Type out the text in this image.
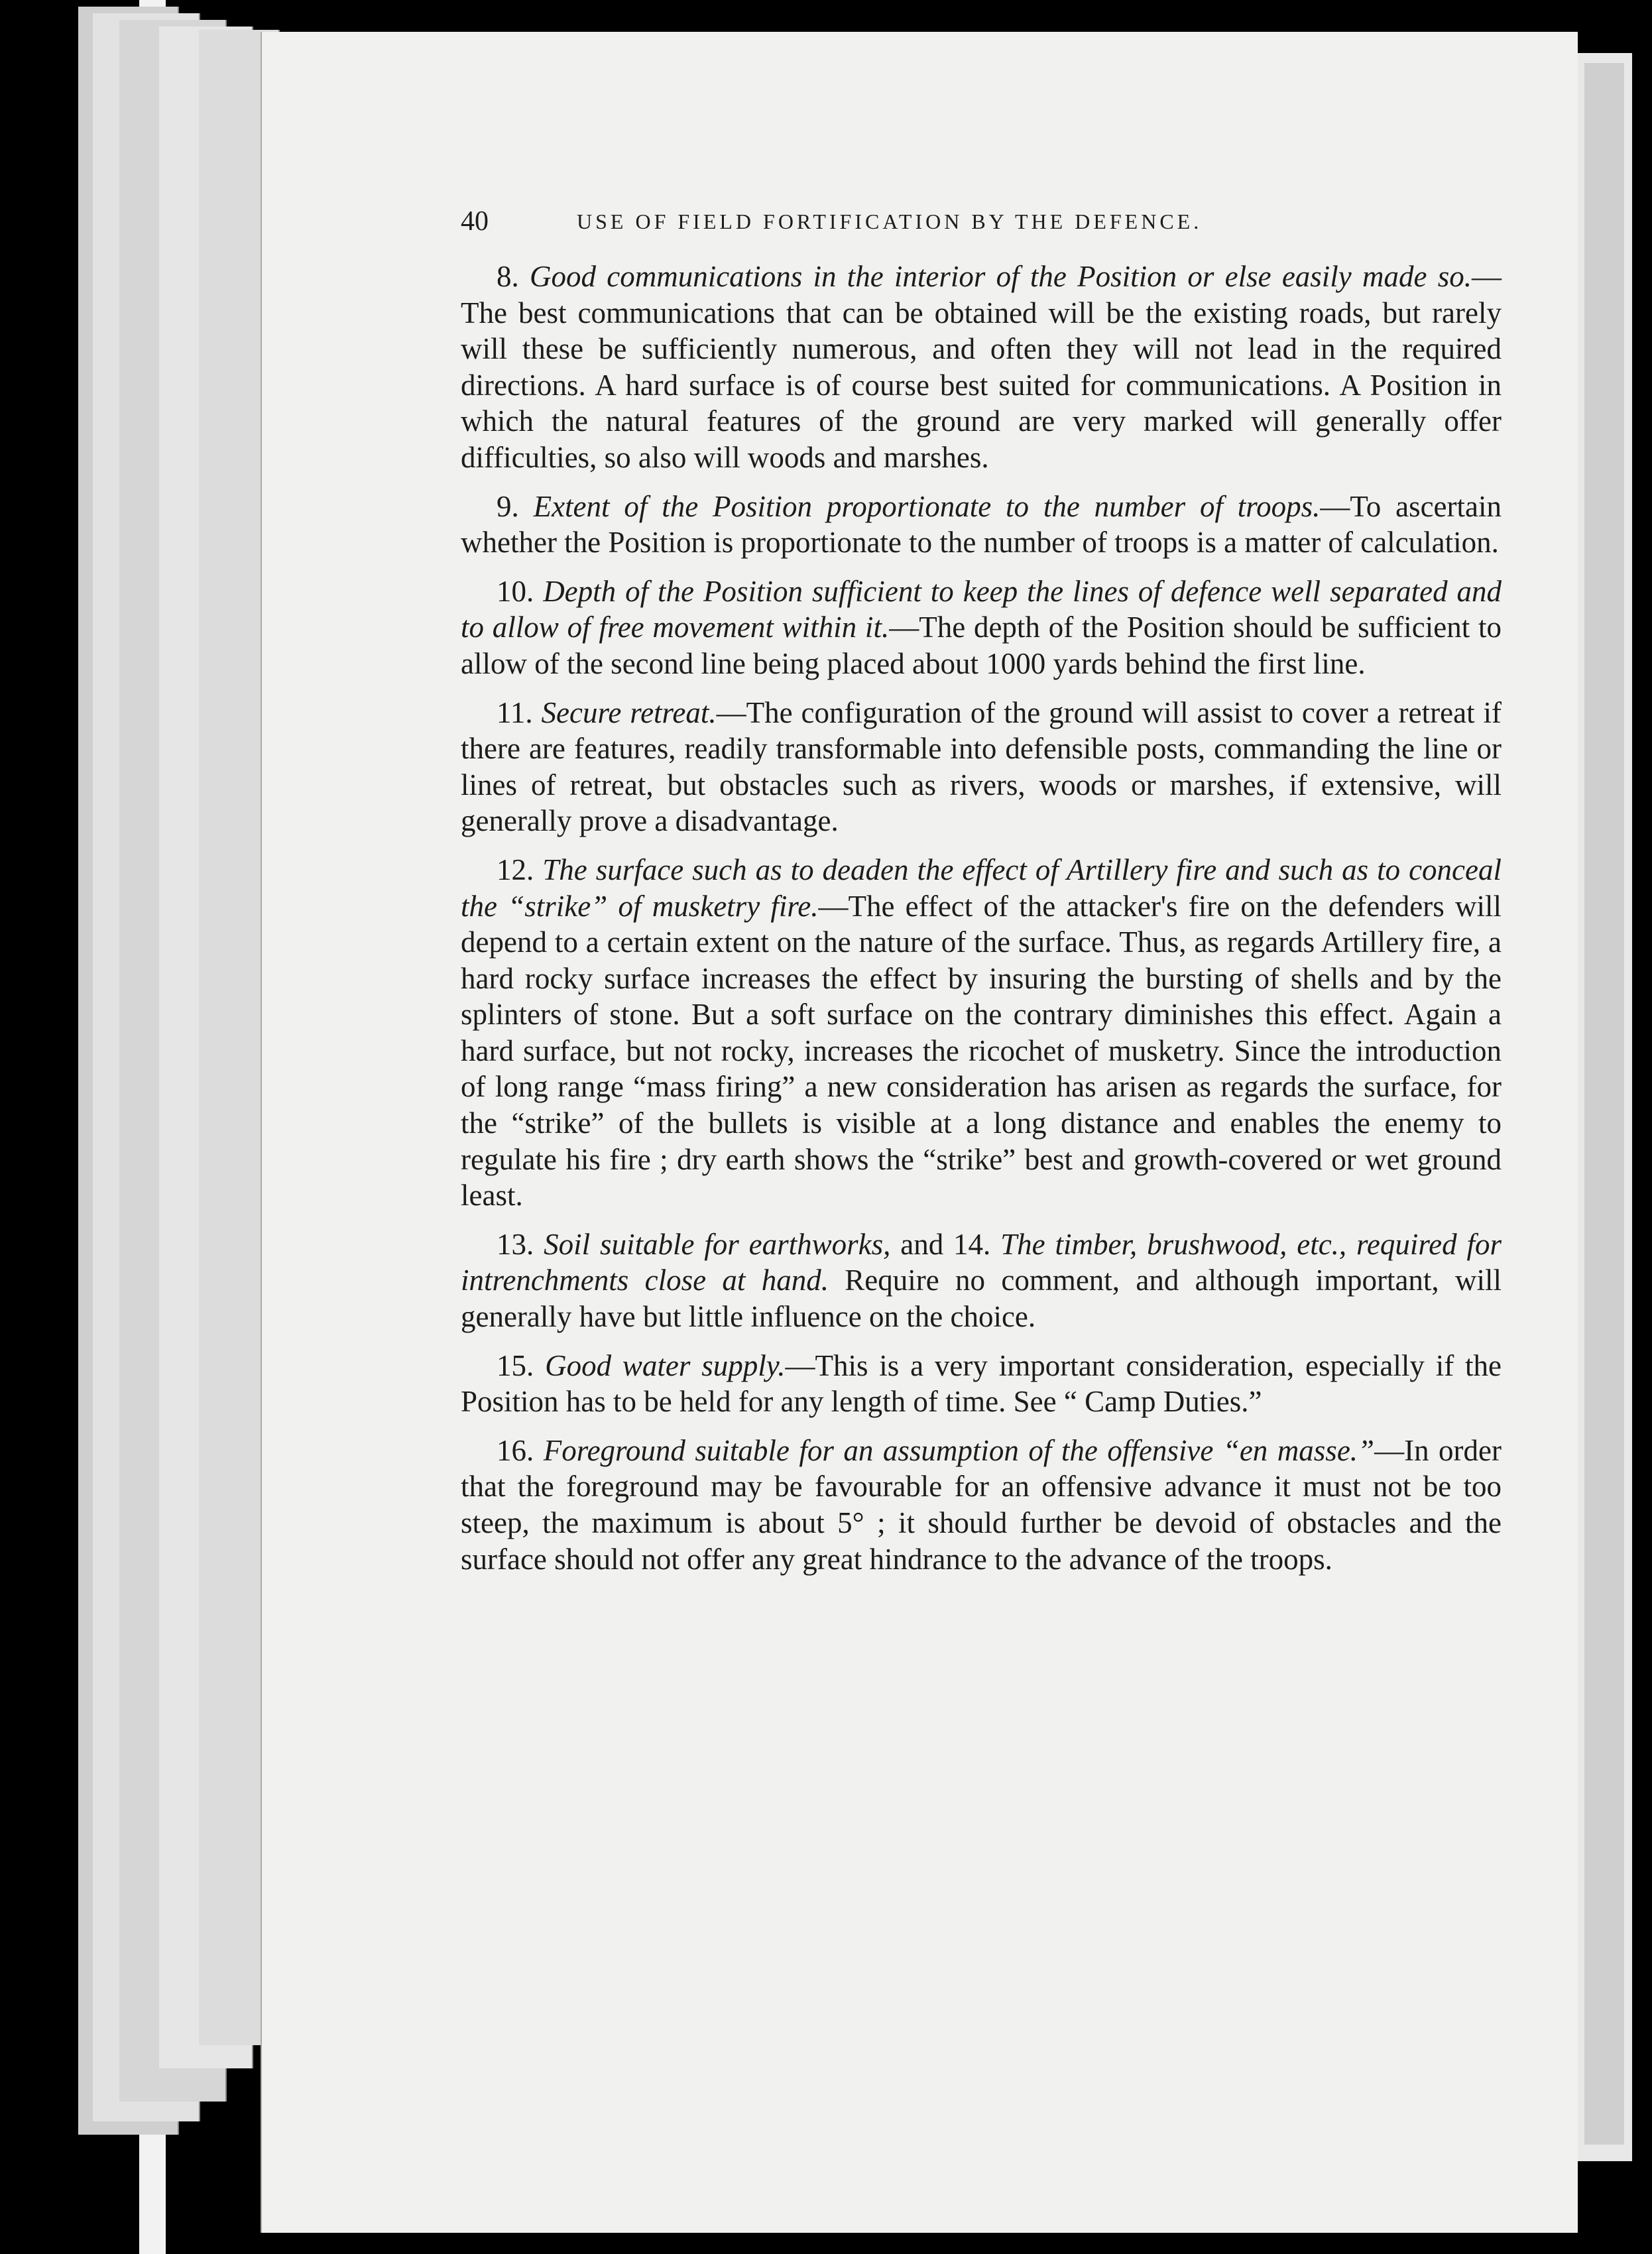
40	USE OF FIELD FORTIFICATION BY THE DEFENCE.

8. Good communications in the interior of the Position or else easily made so.—The best communications that can be obtained will be the existing roads, but rarely will these be sufficiently numerous, and often they will not lead in the required directions. A hard surface is of course best suited for communications. A Position in which the natural features of the ground are very marked will generally offer difficulties, so also will woods and marshes.

9. Extent of the Position proportionate to the number of troops.—To ascertain whether the Position is proportionate to the number of troops is a matter of calculation.

10. Depth of the Position sufficient to keep the lines of defence well separated and to allow of free movement within it.—The depth of the Position should be sufficient to allow of the second line being placed about 1000 yards behind the first line.

11. Secure retreat.—The configuration of the ground will assist to cover a retreat if there are features, readily transformable into defensible posts, commanding the line or lines of retreat, but obstacles such as rivers, woods or marshes, if extensive, will generally prove a disadvantage.

12. The surface such as to deaden the effect of Artillery fire and such as to conceal the “strike” of musketry fire.—The effect of the attacker's fire on the defenders will depend to a certain extent on the nature of the surface. Thus, as regards Artillery fire, a hard rocky surface increases the effect by insuring the bursting of shells and by the splinters of stone. But a soft surface on the contrary diminishes this effect. Again a hard surface, but not rocky, increases the ricochet of musketry. Since the introduction of long range “mass firing” a new consideration has arisen as regards the surface, for the “strike” of the bullets is visible at a long distance and enables the enemy to regulate his fire ; dry earth shows the “strike” best and growth-covered or wet ground least.

13. Soil suitable for earthworks, and 14. The timber, brushwood, etc., required for intrenchments close at hand. Require no comment, and although important, will generally have but little influence on the choice.

15. Good water supply.—This is a very important consideration, especially if the Position has to be held for any length of time. See “ Camp Duties.”

16. Foreground suitable for an assumption of the offensive “en masse.”—In order that the foreground may be favourable for an offensive advance it must not be too steep, the maximum is about 5° ; it should further be devoid of obstacles and the surface should not offer any great hindrance to the advance of the troops.
